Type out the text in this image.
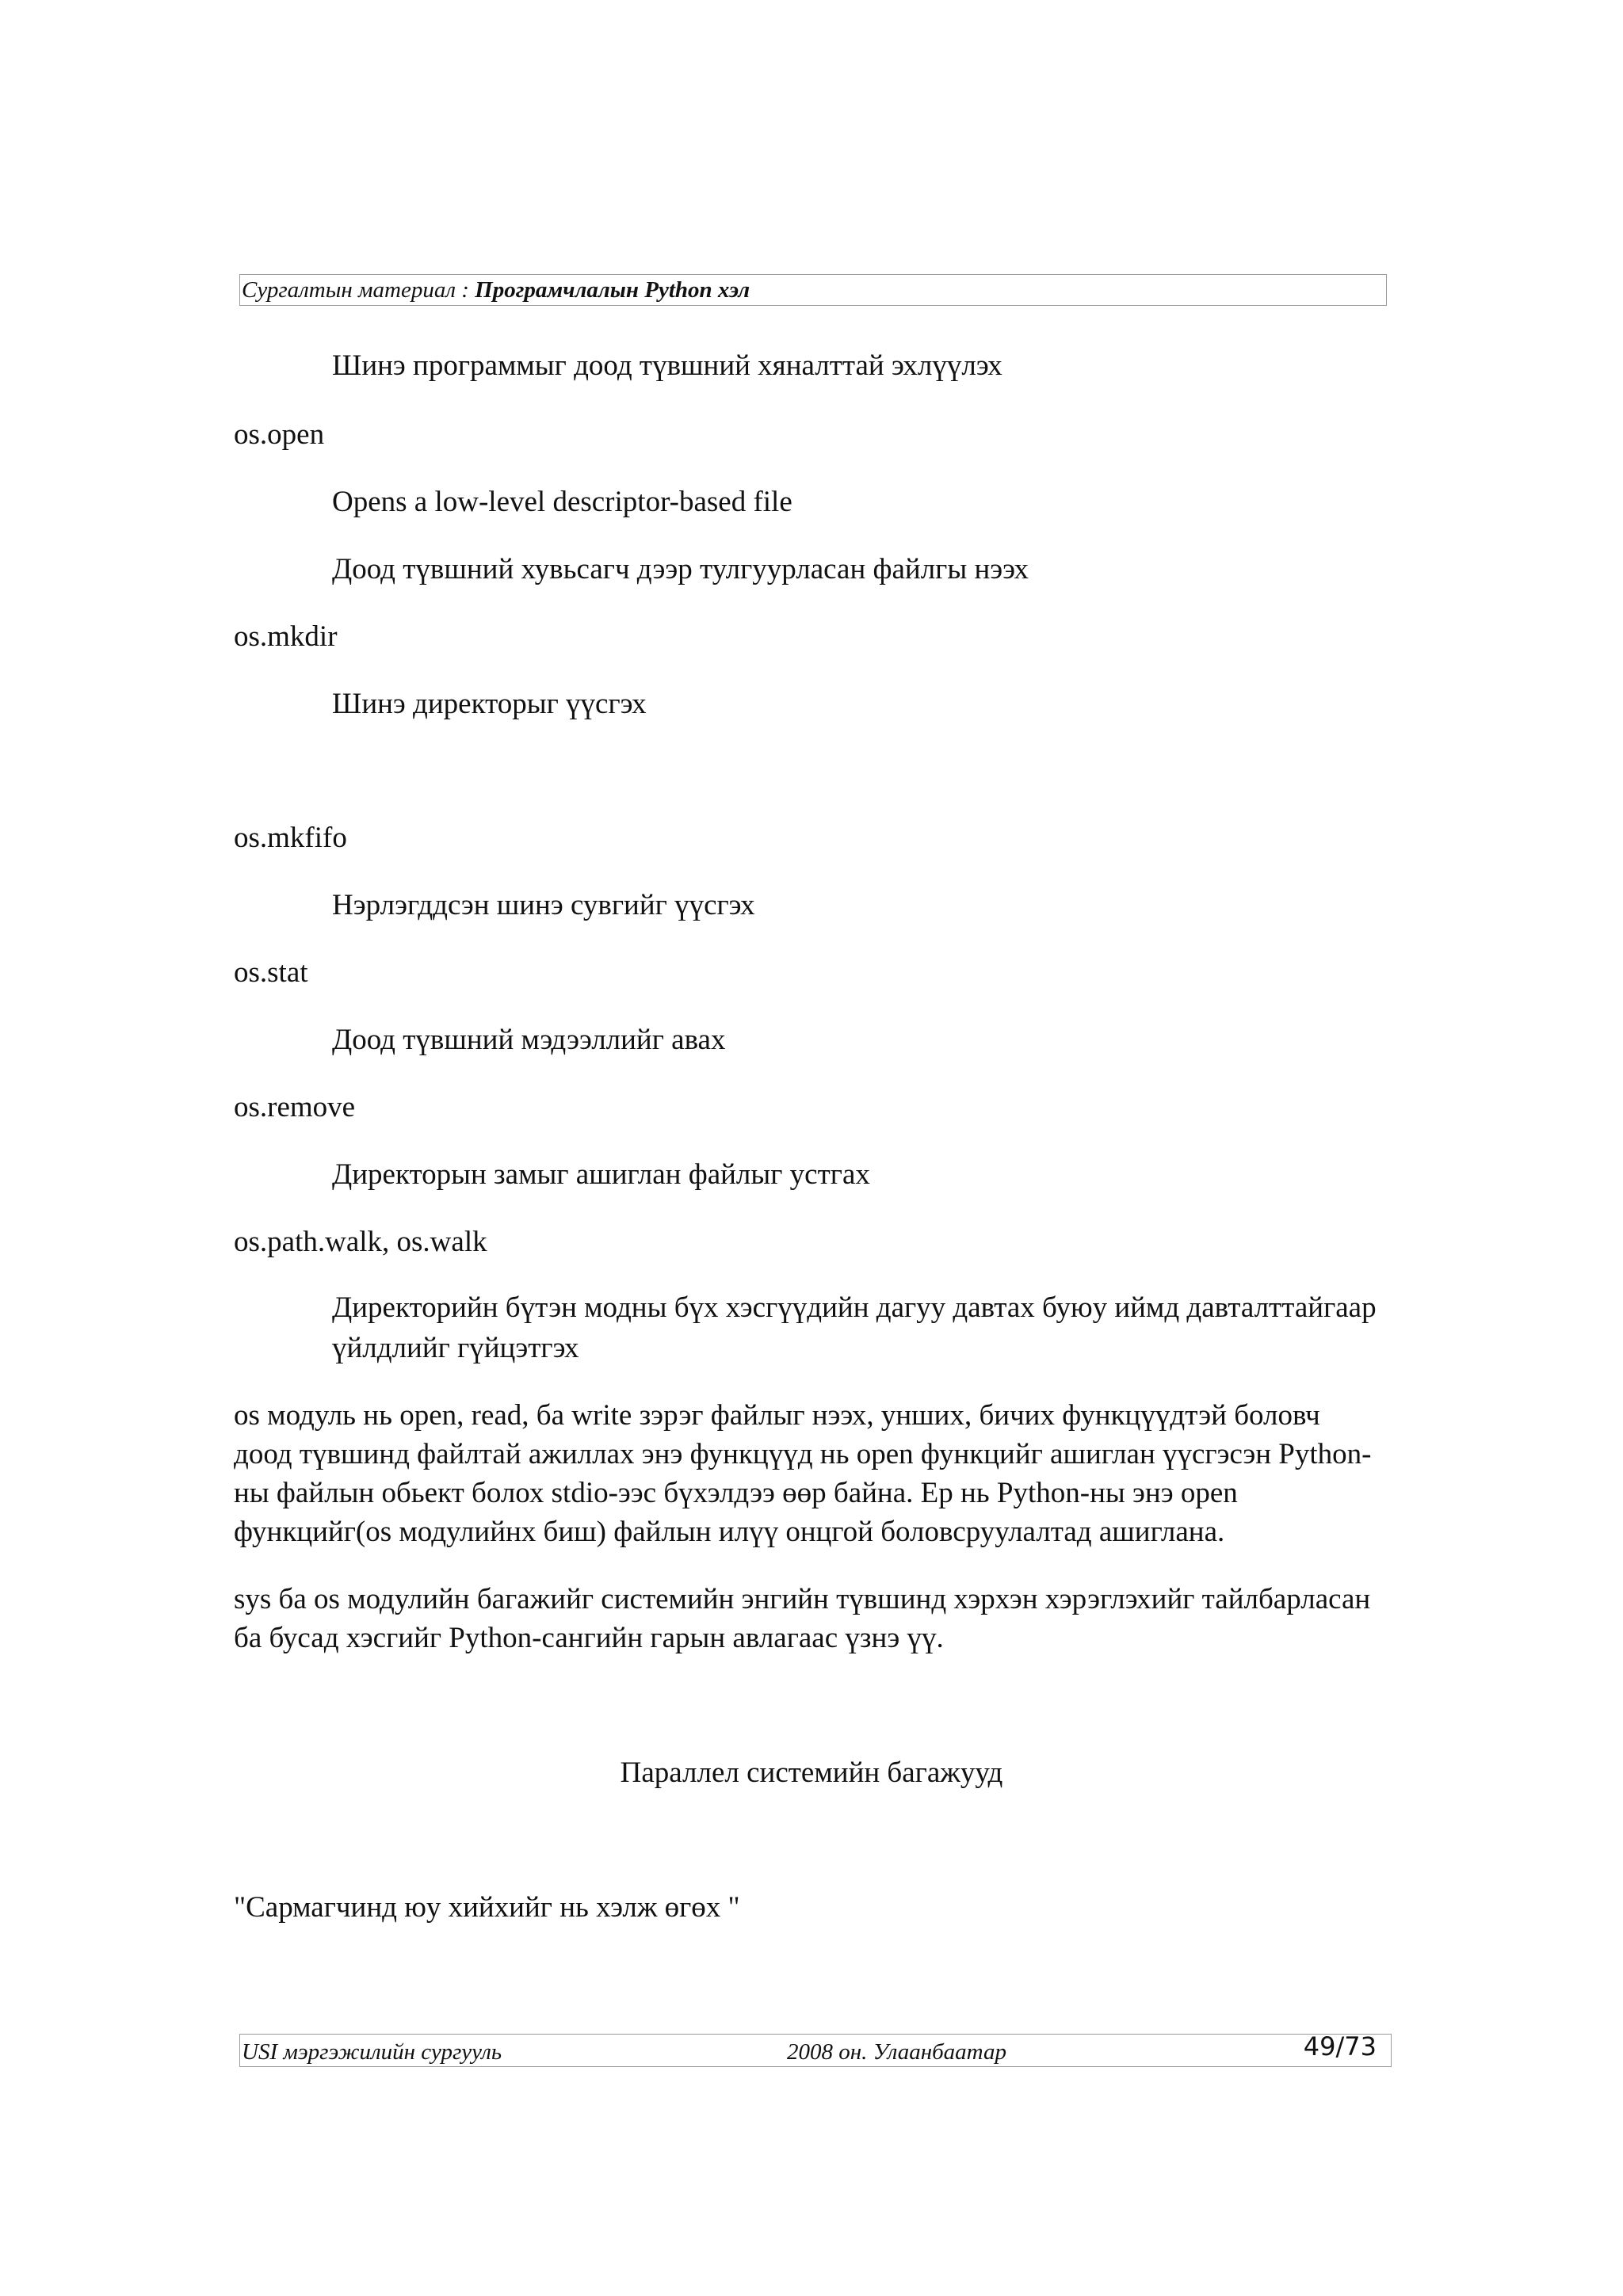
Сургалтын материал : Програмчлалын Python хэл
Шинэ программыг доод түвшний хяналттай эхлүүлэх
os.open
Opens a low-level descriptor-based file
Доод түвшний хувьсагч дээр тулгуурласан файлгы нээх
os.mkdir
Шинэ директорыг үүсгэх
os.mkfifo
Нэрлэгддсэн шинэ сувгийг үүсгэх
os.stat
Доод түвшний мэдээллийг авах
os.remove
Директорын замыг ашиглан файлыг устгах
os.path.walk, os.walk
Директорийн бүтэн модны бүх хэсгүүдийн дагуу давтах буюу иймд давталттайгаар
үйлдлийг гүйцэтгэх
os модуль нь open, read, ба write зэрэг файлыг нээх, унших, бичих функцүүдтэй боловч
доод түвшинд файлтай ажиллах энэ функцүүд нь open функцийг ашиглан үүсгэсэн Python-
ны файлын обьект болох stdio-ээс бүхэлдээ өөр байна. Ер нь Python-ны энэ open
функцийг(os модулийнх биш) файлын илүү онцгой боловсруулалтад ашиглана.
sys ба os модулийн багажийг системийн энгийн түвшинд хэрхэн хэрэглэхийг тайлбарласан
ба бусад хэсгийг Python-сангийн гарын авлагаас үзнэ үү.
Параллел системийн багажууд
"Сармагчинд юу хийхийг нь хэлж өгөх "
USI мэргэжилийн сургууль	2008 он. Улаанбаатар	49/73
